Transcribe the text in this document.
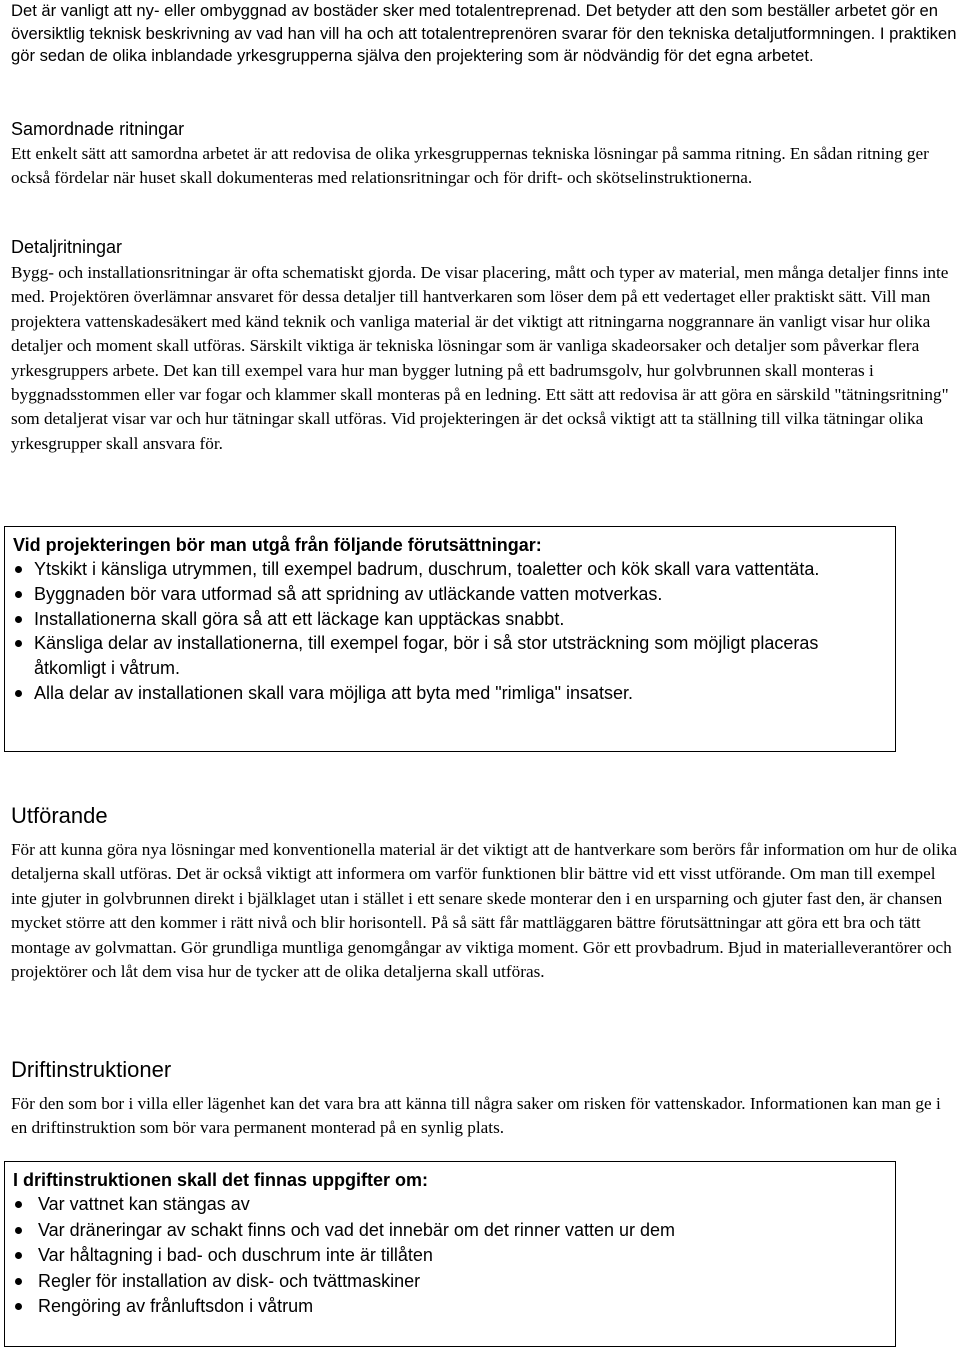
Det är vanligt att ny- eller ombyggnad av bostäder sker med totalentreprenad. Det betyder att den som beställer arbetet gör en översiktlig teknisk beskrivning av vad han vill ha och att totalentreprenören svarar för den tekniska detaljutformningen. I praktiken gör sedan de olika inblandade yrkesgrupperna själva den projektering som är nödvändig för det egna arbetet.

Samordnade ritningar

Ett enkelt sätt att samordna arbetet är att redovisa de olika yrkesgruppernas tekniska lösningar på samma ritning. En sådan ritning ger också fördelar när huset skall dokumenteras med relationsritningar och för drift- och skötselinstruktionerna.

Detaljritningar

Bygg- och installationsritningar är ofta schematiskt gjorda. De visar placering, mått och typer av material, men många detaljer finns inte med. Projektören överlämnar ansvaret för dessa detaljer till hantverkaren som löser dem på ett vedertaget eller praktiskt sätt. Vill man projektera vattenskadesäkert med känd teknik och vanliga material är det viktigt att ritningarna noggrannare än vanligt visar hur olika detaljer och moment skall utföras. Särskilt viktiga är tekniska lösningar som är vanliga skadeorsaker och detaljer som påverkar flera yrkesgruppers arbete. Det kan till exempel vara hur man bygger lutning på ett badrumsgolv, hur golvbrunnen skall monteras i byggnadsstommen eller var fogar och klammer skall monteras på en ledning. Ett sätt att redovisa är att göra en särskild "tätningsritning" som detaljerat visar var och hur tätningar skall utföras. Vid projekteringen är det också viktigt att ta ställning till vilka tätningar olika yrkesgrupper skall ansvara för.

Vid projekteringen bör man utgå från följande förutsättningar:

Ytskikt i känsliga utrymmen, till exempel badrum, duschrum, toaletter och kök skall vara vattentäta.
Byggnaden bör vara utformad så att spridning av utläckande vatten motverkas.
Installationerna skall göra så att ett läckage kan upptäckas snabbt.
Känsliga delar av installationerna, till exempel fogar, bör i så stor utsträckning som möjligt placeras åtkomligt i våtrum.
Alla delar av installationen skall vara möjliga att byta med "rimliga" insatser.
Utförande

För att kunna göra nya lösningar med konventionella material är det viktigt att de hantverkare som berörs får information om hur de olika detaljerna skall utföras. Det är också viktigt att informera om varför funktionen blir bättre vid ett visst utförande. Om man till exempel inte gjuter in golvbrunnen direkt i bjälklaget utan i stället i ett senare skede monterar den i en ursparning och gjuter fast den, är chansen mycket större att den kommer i rätt nivå och blir horisontell. På så sätt får mattläggaren bättre förutsättningar att göra ett bra och tätt montage av golvmattan. Gör grundliga muntliga genomgångar av viktiga moment. Gör ett provbadrum. Bjud in materialleverantörer och projektörer och låt dem visa hur de tycker att de olika detaljerna skall utföras.

Driftinstruktioner

För den som bor i villa eller lägenhet kan det vara bra att känna till några saker om risken för vattenskador. Informationen kan man ge i en driftinstruktion som bör vara permanent monterad på en synlig plats.

I driftinstruktionen skall det finnas uppgifter om:

Var vattnet kan stängas av
Var dräneringar av schakt finns och vad det innebär om det rinner vatten ur dem
Var håltagning i bad- och duschrum inte är tillåten
Regler för installation av disk- och tvättmaskiner
Rengöring av frånluftsdon i våtrum
